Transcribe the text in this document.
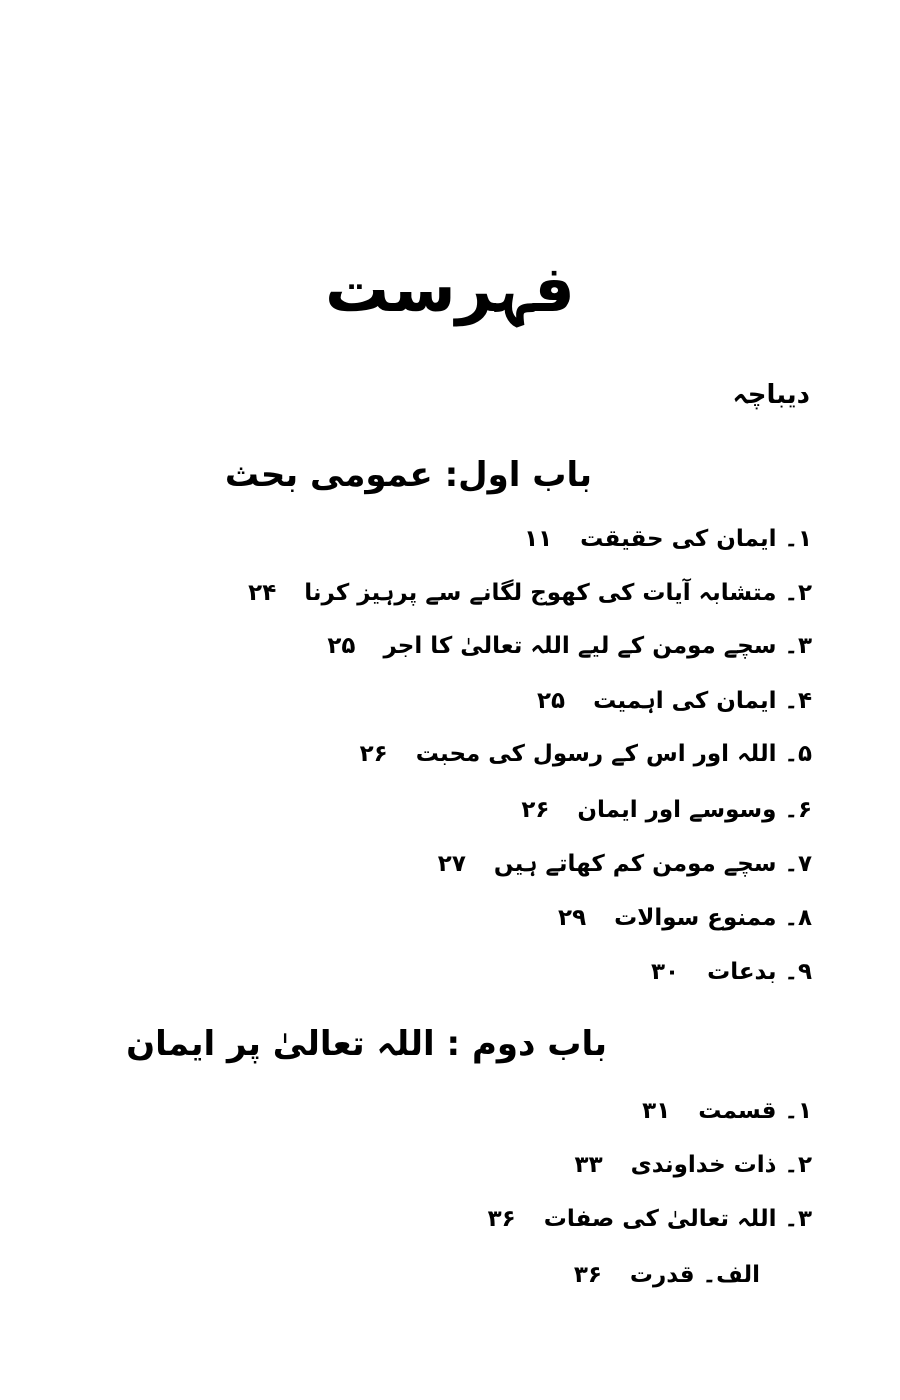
فہرست
دیباچہ
باب اول: عمومی بحث
۱۔ ایمان کی حقیقت۱۱
۲۔ متشابہ آیات کی کھوج لگانے سے پرہیز کرنا۲۴
۳۔ سچے مومن کے لیے اللہ تعالیٰ کا اجر۲۵
۴۔ ایمان کی اہمیت۲۵
۵۔ اللہ اور اس کے رسول کی محبت۲۶
۶۔ وسوسے اور ایمان۲۶
۷۔ سچے مومن کم کھاتے ہیں۲۷
۸۔ ممنوع سوالات۲۹
۹۔ بدعات۳۰
باب دوم : اللہ تعالیٰ پر ایمان
۱۔ قسمت۳۱
۲۔ ذات خداوندی۳۳
۳۔ اللہ تعالیٰ کی صفات۳۶
الف۔ قدرت۳۶
